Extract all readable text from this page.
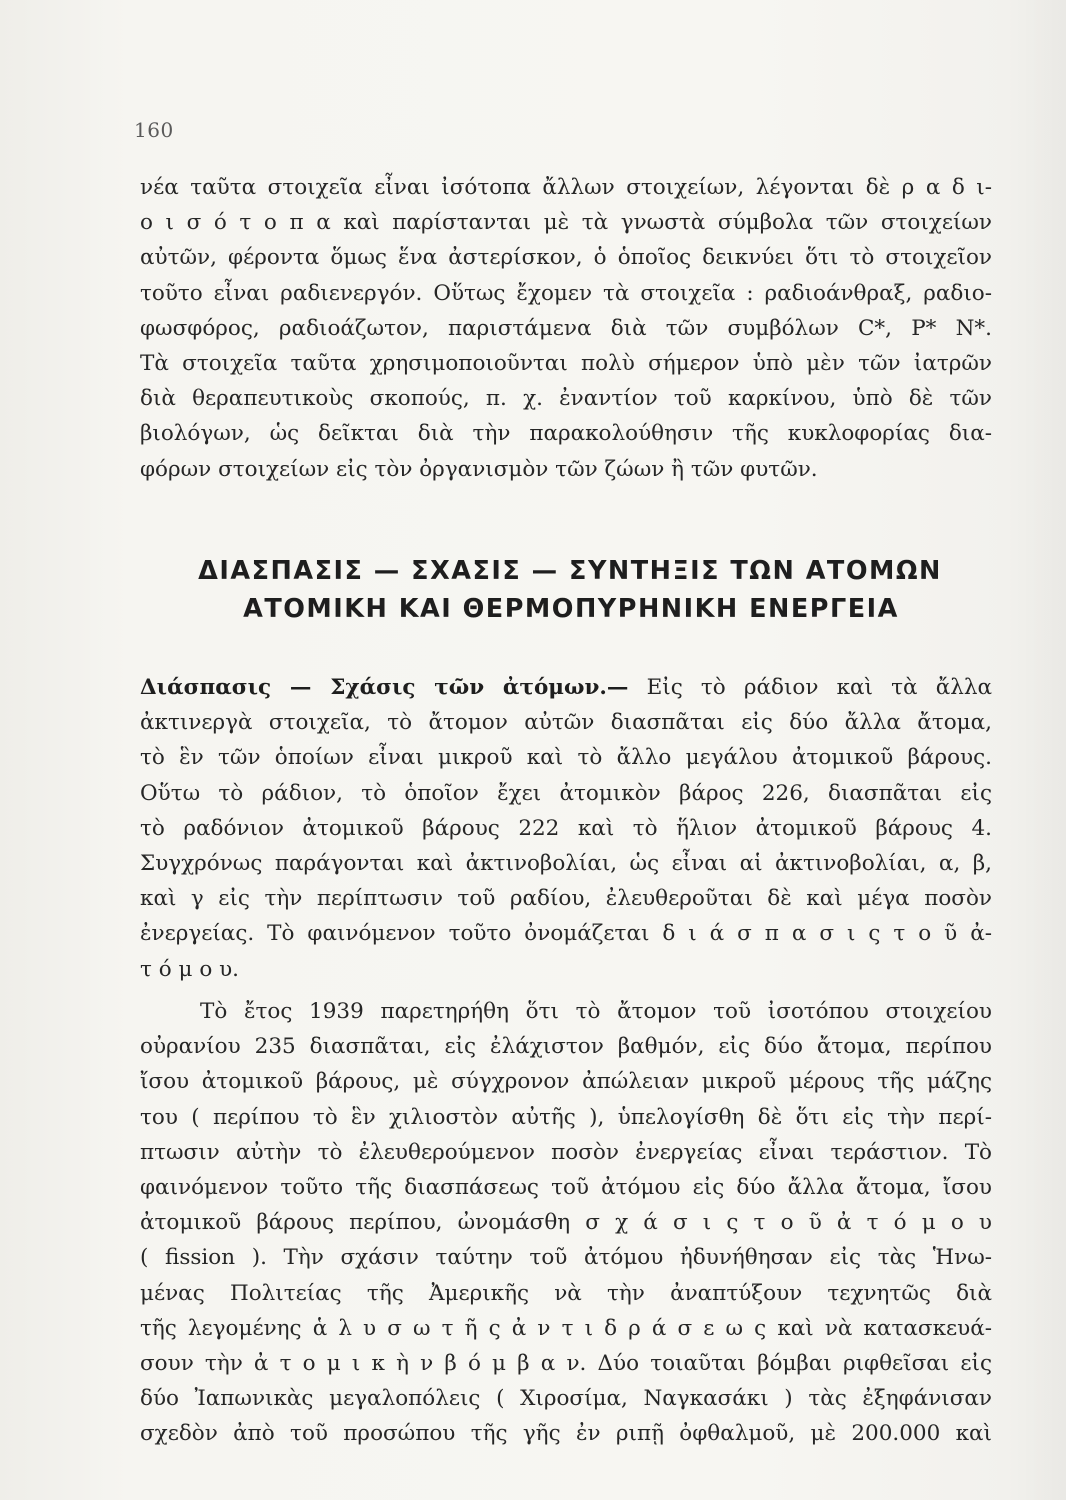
160
νέα ταῦτα στοιχεῖα εἶναι ἰσότοπα ἄλλων στοιχείων, λέγονται δὲ ρ α δ ι-
ο ι σ ό τ ο π α καὶ παρίστανται μὲ τὰ γνωστὰ σύμβολα τῶν στοιχείων
αὐτῶν, φέροντα ὅμως ἕνα ἀστερίσκον, ὁ ὁποῖος δεικνύει ὅτι τὸ στοιχεῖον
τοῦτο εἶναι ραδιενεργόν. Οὕτως ἔχομεν τὰ στοιχεῖα : ραδιοάνθραξ, ραδιο-
φωσφόρος, ραδιοάζωτον, παριστάμενα διὰ τῶν συμβόλων C*, P* N*.
Τὰ στοιχεῖα ταῦτα χρησιμοποιοῦνται πολὺ σήμερον ὑπὸ μὲν τῶν ἰατρῶν
διὰ θεραπευτικοὺς σκοπούς, π. χ. ἐναντίον τοῦ καρκίνου, ὑπὸ δὲ τῶν
βιολόγων, ὡς δεῖκται διὰ τὴν παρακολούθησιν τῆς κυκλοφορίας δια-
φόρων στοιχείων εἰς τὸν ὀργανισμὸν τῶν ζώων ἢ τῶν φυτῶν.
ΔΙΑΣΠΑΣΙΣ — ΣΧΑΣΙΣ — ΣΥΝΤΗΞΙΣ ΤΩΝ ΑΤΟΜΩΝ
ΑΤΟΜΙΚΗ ΚΑΙ ΘΕΡΜΟΠΥΡΗΝΙΚΗ ΕΝΕΡΓΕΙΑ
Διάσπασις — Σχάσις τῶν ἀτόμων.— Εἰς τὸ ράδιον καὶ τὰ ἄλλα
ἀκτινεργὰ στοιχεῖα, τὸ ἄτομον αὐτῶν διασπᾶται εἰς δύο ἄλλα ἄτομα,
τὸ ἓν τῶν ὁποίων εἶναι μικροῦ καὶ τὸ ἄλλο μεγάλου ἀτομικοῦ βάρους.
Οὕτω τὸ ράδιον, τὸ ὁποῖον ἔχει ἀτομικὸν βάρος 226, διασπᾶται εἰς
τὸ ραδόνιον ἀτομικοῦ βάρους 222 καὶ τὸ ἥλιον ἀτομικοῦ βάρους 4.
Συγχρόνως παράγονται καὶ ἀκτινοβολίαι, ὡς εἶναι αἱ ἀκτινοβολίαι, α, β,
καὶ γ εἰς τὴν περίπτωσιν τοῦ ραδίου, ἐλευθεροῦται δὲ καὶ μέγα ποσὸν
ἐνεργείας. Τὸ φαινόμενον τοῦτο ὀνομάζεται δ ι ά σ π α σ ι ς τ ο ῦ ἀ-
τ ό μ ο υ.
Τὸ ἔτος 1939 παρετηρήθη ὅτι τὸ ἄτομον τοῦ ἰσοτόπου στοιχείου
οὐρανίου 235 διασπᾶται, εἰς ἐλάχιστον βαθμόν, εἰς δύο ἄτομα, περίπου
ἴσου ἀτομικοῦ βάρους, μὲ σύγχρονον ἀπώλειαν μικροῦ μέρους τῆς μάζης
του ( περίπου τὸ ἓν χιλιοστὸν αὐτῆς ), ὑπελογίσθη δὲ ὅτι εἰς τὴν περί-
πτωσιν αὐτὴν τὸ ἐλευθερούμενον ποσὸν ἐνεργείας εἶναι τεράστιον. Τὸ
φαινόμενον τοῦτο τῆς διασπάσεως τοῦ ἀτόμου εἰς δύο ἄλλα ἄτομα, ἴσου
ἀτομικοῦ βάρους περίπου, ὠνομάσθη σ χ ά σ ι ς τ ο ῦ ἀ τ ό μ ο υ
( fission ). Τὴν σχάσιν ταύτην τοῦ ἀτόμου ἠδυνήθησαν εἰς τὰς Ἡνω-
μένας Πολιτείας τῆς Ἀμερικῆς νὰ τὴν ἀναπτύξουν τεχνητῶς διὰ
τῆς λεγομένης ἁ λ υ σ ω τ ῆ ς ἀ ν τ ι δ ρ ά σ ε ω ς καὶ νὰ κατασκευά-
σουν τὴν ἀ τ ο μ ι κ ὴ ν β ό μ β α ν. Δύο τοιαῦται βόμβαι ριφθεῖσαι εἰς
δύο Ἰαπωνικὰς μεγαλοπόλεις ( Χιροσίμα, Ναγκασάκι ) τὰς ἐξηφάνισαν
σχεδὸν ἀπὸ τοῦ προσώπου τῆς γῆς ἐν ριπῇ ὀφθαλμοῦ, μὲ 200.000 καὶ
